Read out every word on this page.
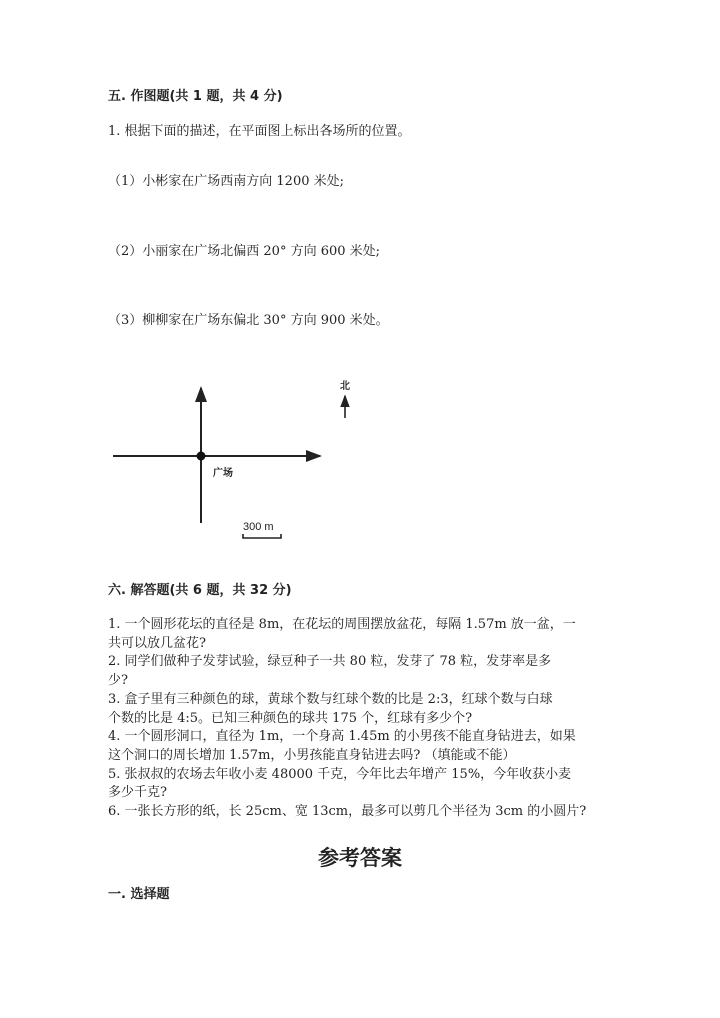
五. 作图题(共 1 题，共 4 分)
1. 根据下面的描述，在平面图上标出各场所的位置。
（1）小彬家在广场西南方向 1200 米处;
（2）小丽家在广场北偏西 20° 方向 600 米处;
（3）柳柳家在广场东偏北 30° 方向 900 米处。
广场
北
300 m
六. 解答题(共 6 题，共 32 分)
1. 一个圆形花坛的直径是 8m，在花坛的周围摆放盆花，每隔 1.57m 放一盆，一
共可以放几盆花?
2. 同学们做种子发芽试验，绿豆种子一共 80 粒，发芽了 78 粒，发芽率是多
少?
3. 盒子里有三种颜色的球，黄球个数与红球个数的比是 2:3，红球个数与白球
个数的比是 4:5。已知三种颜色的球共 175 个，红球有多少个?
4. 一个圆形洞口，直径为 1m，一个身高 1.45m 的小男孩不能直身钻进去，如果
这个洞口的周长增加 1.57m，小男孩能直身钻进去吗? （填能或不能）
5. 张叔叔的农场去年收小麦 48000 千克，今年比去年增产 15%，今年收获小麦
多少千克?
6. 一张长方形的纸，长 25cm、宽 13cm，最多可以剪几个半径为 3cm 的小圆片?
参考答案
一. 选择题
